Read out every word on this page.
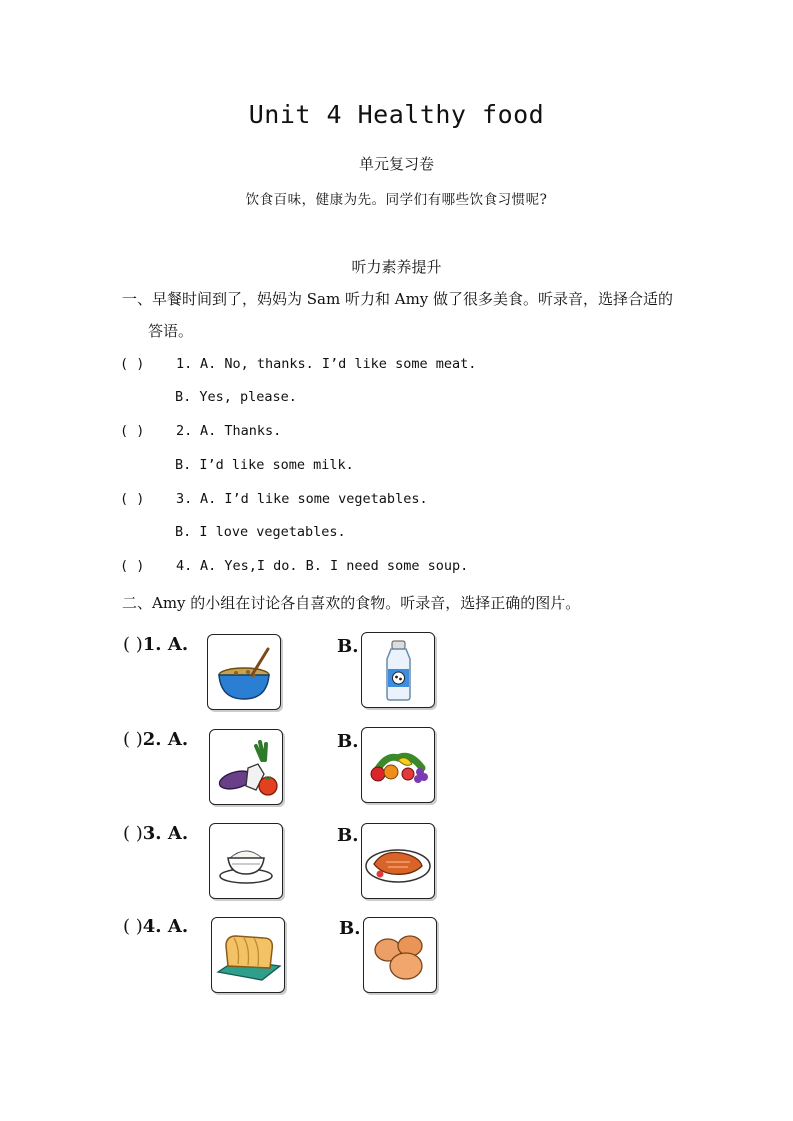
Unit 4 Healthy food
单元复习卷
饮食百味，健康为先。同学们有哪些饮食习惯呢?
听力素养提升
一、早餐时间到了，妈妈为 Sam 听力和 Amy 做了很多美食。听录音，选择合适的
答语。
( ) 1. A. No, thanks. I’d like some meat.
B. Yes, please.
( ) 2. A. Thanks.
B. I’d like some milk.
( ) 3. A. I’d like some vegetables.
B. I love vegetables.
( ) 4. A. Yes,I do. B. I need some soup.
二、Amy 的小组在讨论各自喜欢的食物。听录音，选择正确的图片。
( )1. A.	B.
( )2. A.	B.
( )3. A.	B.
( )4. A.	B.
